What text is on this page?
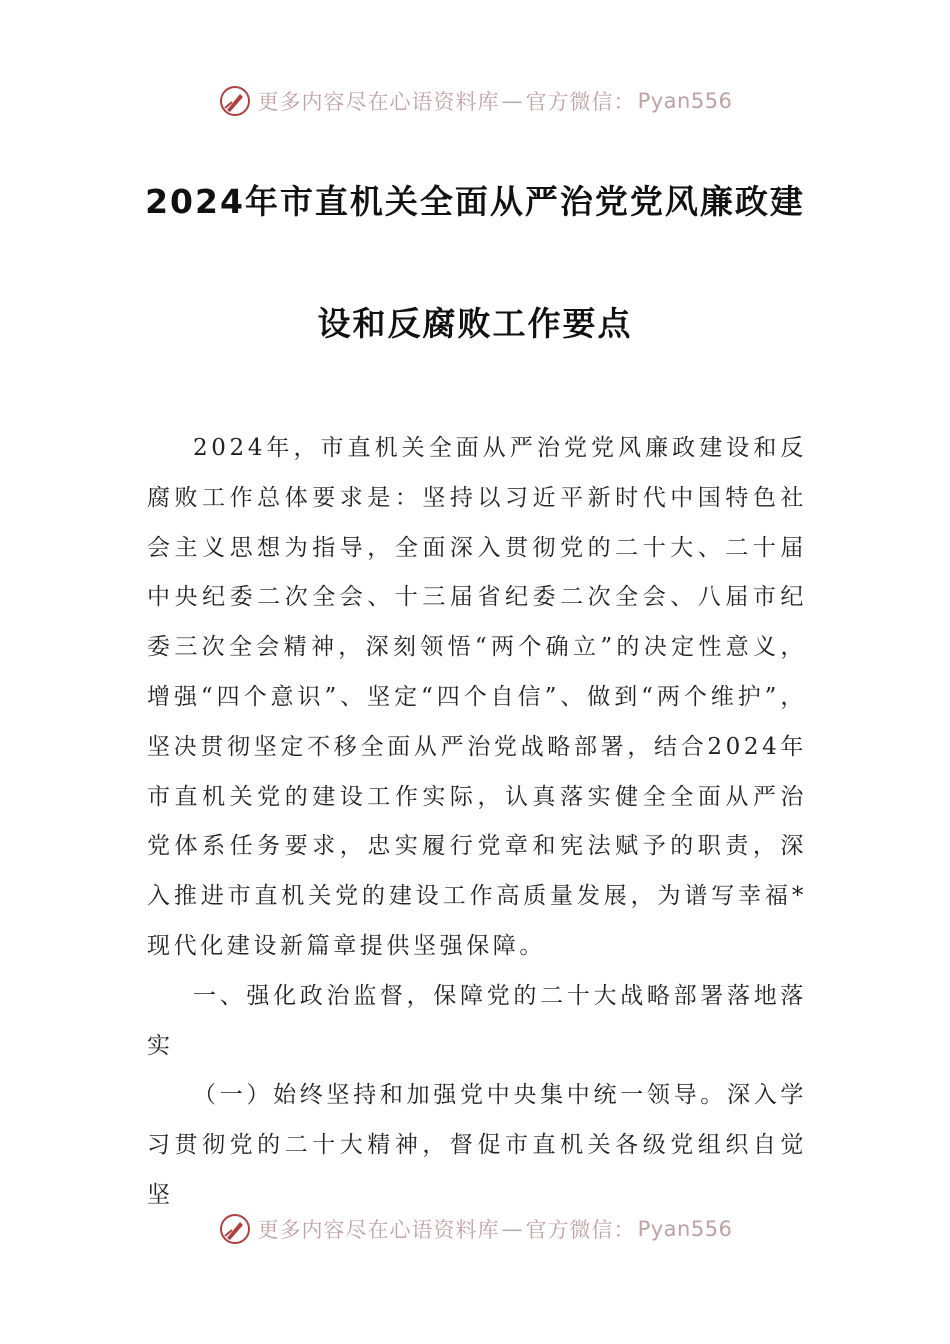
更多内容尽在心语资料库 — 官方微信： Pyan556
2024年市直机关全面从严治党党风廉政建
设和反腐败工作要点

2024年，市直机关全面从严治党党风廉政建设和反腐败工作总体要求是：坚持以习近平新时代中国特色社会主义思想为指导，全面深入贯彻党的二十大、二十届中央纪委二次全会、十三届省纪委二次全会、八届市纪委三次全会精神，深刻领悟“两个确立”的决定性意义，增强“四个意识”、坚定“四个自信”、做到“两个维护”，坚决贯彻坚定不移全面从严治党战略部署，结合2024年市直机关党的建设工作实际，认真落实健全全面从严治党体系任务要求，忠实履行党章和宪法赋予的职责，深入推进市直机关党的建设工作高质量发展，为谱写幸福*现代化建设新篇章提供坚强保障。

一、强化政治监督，保障党的二十大战略部署落地落实

（一）始终坚持和加强党中央集中统一领导。深入学习贯彻党的二十大精神，督促市直机关各级党组织自觉坚

更多内容尽在心语资料库 — 官方微信： Pyan556
